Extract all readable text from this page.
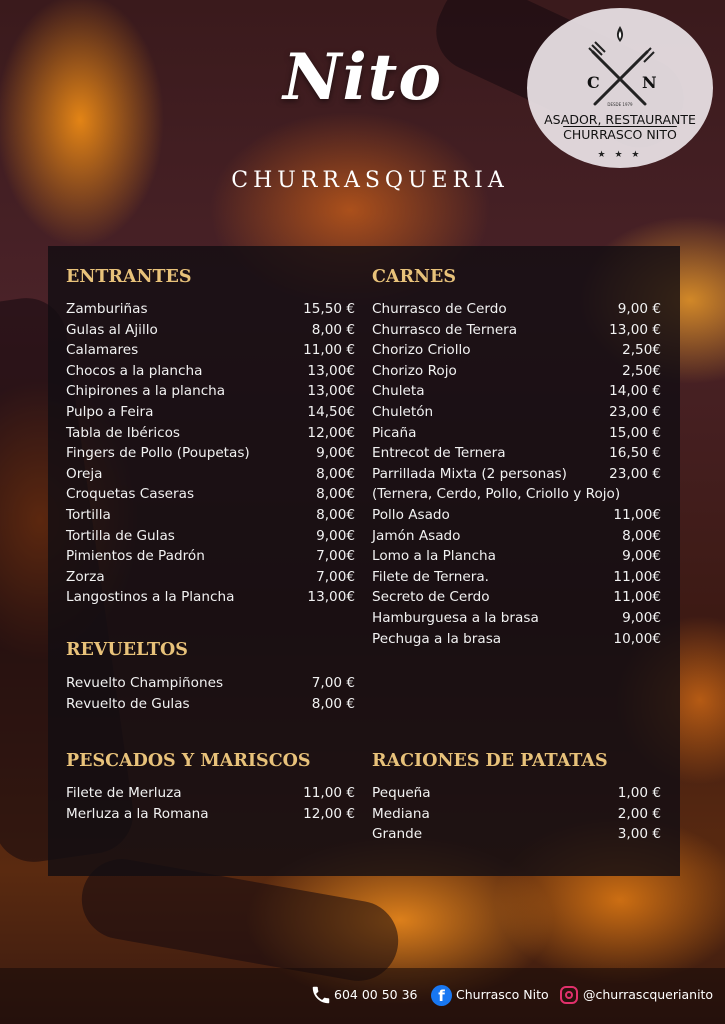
Nito
CHURRASQUERIA
C	N
DESDE 1979
ASADOR, RESTAURANTE
CHURRASCO NITO
★ ★ ★
ENTRANTES	CARNES
REVUELTOS
PESCADOS Y MARISCOS	RACIONES DE PATATAS
Zamburiñas	15,50 €
Gulas al Ajillo	8,00 €
Calamares	11,00 €
Chocos a la plancha	13,00€
Chipirones a la plancha	13,00€
Pulpo a Feira	14,50€
Tabla de Ibéricos	12,00€
Fingers de Pollo (Poupetas)	9,00€
Oreja	8,00€
Croquetas Caseras	8,00€
Tortilla	8,00€
Tortilla de Gulas	9,00€
Pimientos de Padrón	7,00€
Zorza	7,00€
Langostinos a la Plancha	13,00€
Churrasco de Cerdo	9,00 €
Churrasco de Ternera	13,00 €
Chorizo Criollo	2,50€
Chorizo Rojo	2,50€
Chuleta	14,00 €
Chuletón	23,00 €
Picaña	15,00 €
Entrecot de Ternera	16,50 €
Parrillada Mixta (2 personas)	23,00 €
(Ternera, Cerdo, Pollo, Criollo y Rojo)
Pollo Asado	11,00€
Jamón Asado	8,00€
Lomo a la Plancha	9,00€
Filete de Ternera.	11,00€
Secreto de Cerdo	11,00€
Hamburguesa a la brasa	9,00€
Pechuga a la brasa	10,00€
Revuelto Champiñones	7,00 €
Revuelto de Gulas	8,00 €
Filete de Merluza	11,00 €
Merluza a la Romana	12,00 €
Pequeña	1,00 €
Mediana	2,00 €
Grande	3,00 €
604 00 50 36	f Churrasco Nito	@churrascquerianito
